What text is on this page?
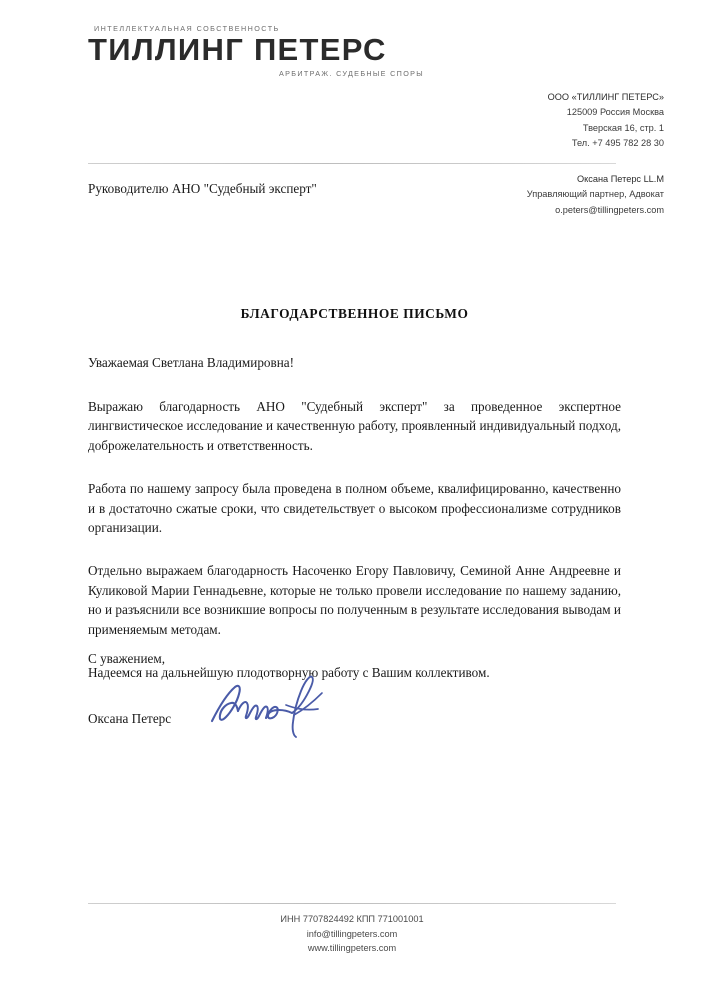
ИНТЕЛЛЕКТУАЛЬНАЯ СОБСТВЕННОСТЬ
ТИЛЛИНГ ПЕТЕРС
АРБИТРАЖ. СУДЕБНЫЕ СПОРЫ
ООО «ТИЛЛИНГ ПЕТЕРС»
125009 Россия Москва
Тверская 16, стр. 1
Тел. +7 495 782 28 30
Оксана Петерс LL.M
Управляющий партнер, Адвокат
o.peters@tillingpeters.com
Руководителю АНО "Судебный эксперт"
БЛАГОДАРСТВЕННОЕ ПИСЬМО
Уважаемая Светлана Владимировна!

Выражаю благодарность АНО "Судебный эксперт" за проведенное экспертное лингвистическое исследование и качественную работу, проявленный индивидуальный подход, доброжелательность и ответственность.

Работа по нашему запросу была проведена в полном объеме, квалифицированно, качественно и в достаточно сжатые сроки, что свидетельствует о высоком профессионализме сотрудников организации.

Отдельно выражаем благодарность Насоченко Егору Павловичу, Семиной Анне Андреевне и Куликовой Марии Геннадьевне, которые не только провели исследование по нашему заданию, но и разъяснили все возникшие вопросы по полученным в результате исследования выводам и применяемым методам.

Надеемся на дальнейшую плодотворную работу с Вашим коллективом.

С уважением,
Оксана Петерс
ИНН 7707824492 КПП 771001001
info@tillingpeters.com
www.tillingpeters.com
